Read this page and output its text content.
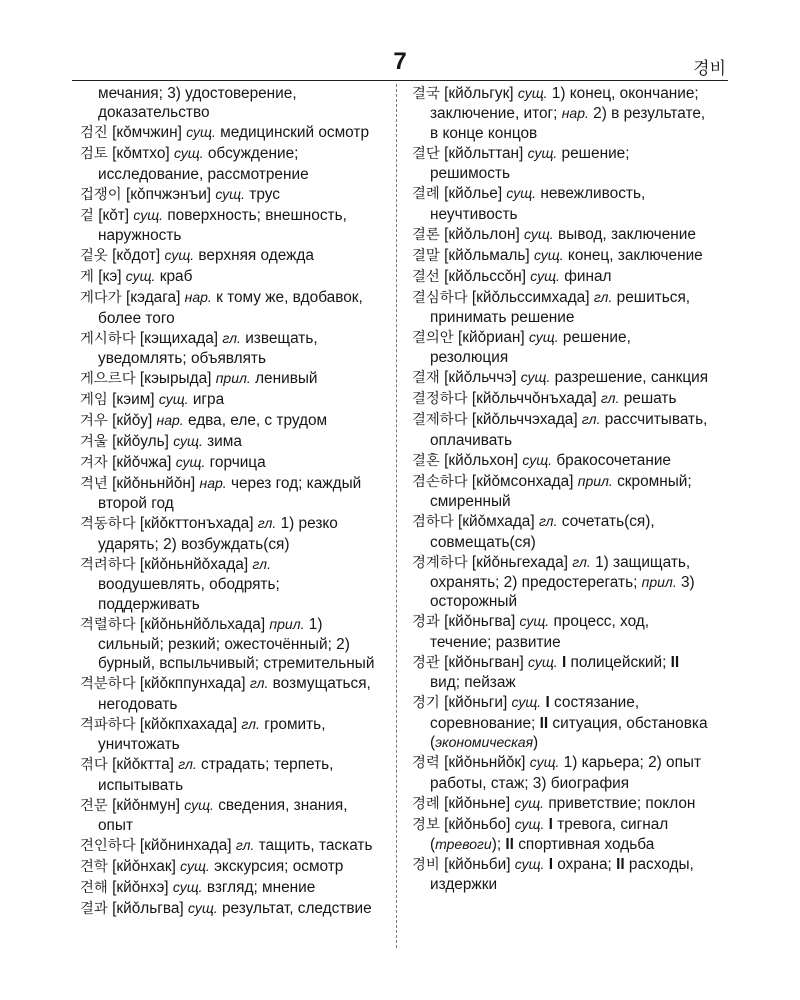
7	경비
мечания; 3) удостоверение, доказательство
검진 [кǒмчжин] сущ. медицинский осмотр
검토 [кǒмтхо] сущ. обсуждение; исследование, рассмотрение
겁쟁이 [кǒпчжэнъи] сущ. трус
겉 [кǒт] сущ. поверхность; внешность, наружность
겉옷 [кǒдот] сущ. верхняя одежда
게 [кэ] сущ. краб
게다가 [кэдага] нар. к тому же, вдобавок, более того
게시하다 [кэщихада] гл. извещать, уведомлять; объявлять
게으르다 [кэырыда] прил. ленивый
게임 [кэим] сущ. игра
겨우 [кйǒу] нар. едва, еле, с трудом
겨울 [кйǒуль] сущ. зима
겨자 [кйǒчжа] сущ. горчица
격년 [кйǒньнйǒн] нар. через год; каждый второй год
격동하다 [кйǒкттонъхада] гл. 1) резко ударять; 2) возбуждать(ся)
격려하다 [кйǒньнйǒхада] гл. воодушевлять, ободрять; поддерживать
격렬하다 [кйǒньнйǒльхада] прил. 1) сильный; резкий; ожесточённый; 2) бурный, вспыльчивый; стремительный
격분하다 [кйǒкппунхада] гл. возмущаться, негодовать
격파하다 [кйǒкпхахада] гл. громить, уничтожать
겪다 [кйǒктта] гл. страдать; терпеть, испытывать
견문 [кйǒнмун] сущ. сведения, знания, опыт
견인하다 [кйǒнинхада] гл. тащить, таскать
견학 [кйǒнхак] сущ. экскурсия; осмотр
견해 [кйǒнхэ] сущ. взгляд; мнение
결과 [кйǒльгва] сущ. результат, следствие
결국 [кйǒльгук] сущ. 1) конец, окончание; заключение, итог; нар. 2) в результате, в конце концов
결단 [кйǒльттан] сущ. решение; решимость
결례 [кйǒлье] сущ. невежливость, неучтивость
결론 [кйǒльлон] сущ. вывод, заключение
결말 [кйǒльмаль] сущ. конец, заключение
결선 [кйǒльссǒн] сущ. финал
결심하다 [кйǒльссимхада] гл. решиться, принимать решение
결의안 [кйǒриан] сущ. решение, резолюция
결재 [кйǒльччэ] сущ. разрешение, санкция
결정하다 [кйǒльччǒнъхада] гл. решать
결제하다 [кйǒльччэхада] гл. рассчитывать, оплачивать
결혼 [кйǒльхон] сущ. бракосочетание
겸손하다 [кйǒмсонхада] прил. скромный; смиренный
겸하다 [кйǒмхада] гл. сочетать(ся), совмещать(ся)
경계하다 [кйǒньгехада] гл. 1) защищать, охранять; 2) предостерегать; прил. 3) осторожный
경과 [кйǒньгва] сущ. процесс, ход, течение; развитие
경관 [кйǒньгван] сущ. I полицейский; II вид; пейзаж
경기 [кйǒньги] сущ. I состязание, соревнование; II ситуация, обстановка (экономическая)
경력 [кйǒньнйǒк] сущ. 1) карьера; 2) опыт работы, стаж; 3) биография
경례 [кйǒньне] сущ. приветствие; поклон
경보 [кйǒньбо] сущ. I тревога, сигнал (тревоги); II спортивная ходьба
경비 [кйǒньби] сущ. I охрана; II расходы, издержки
